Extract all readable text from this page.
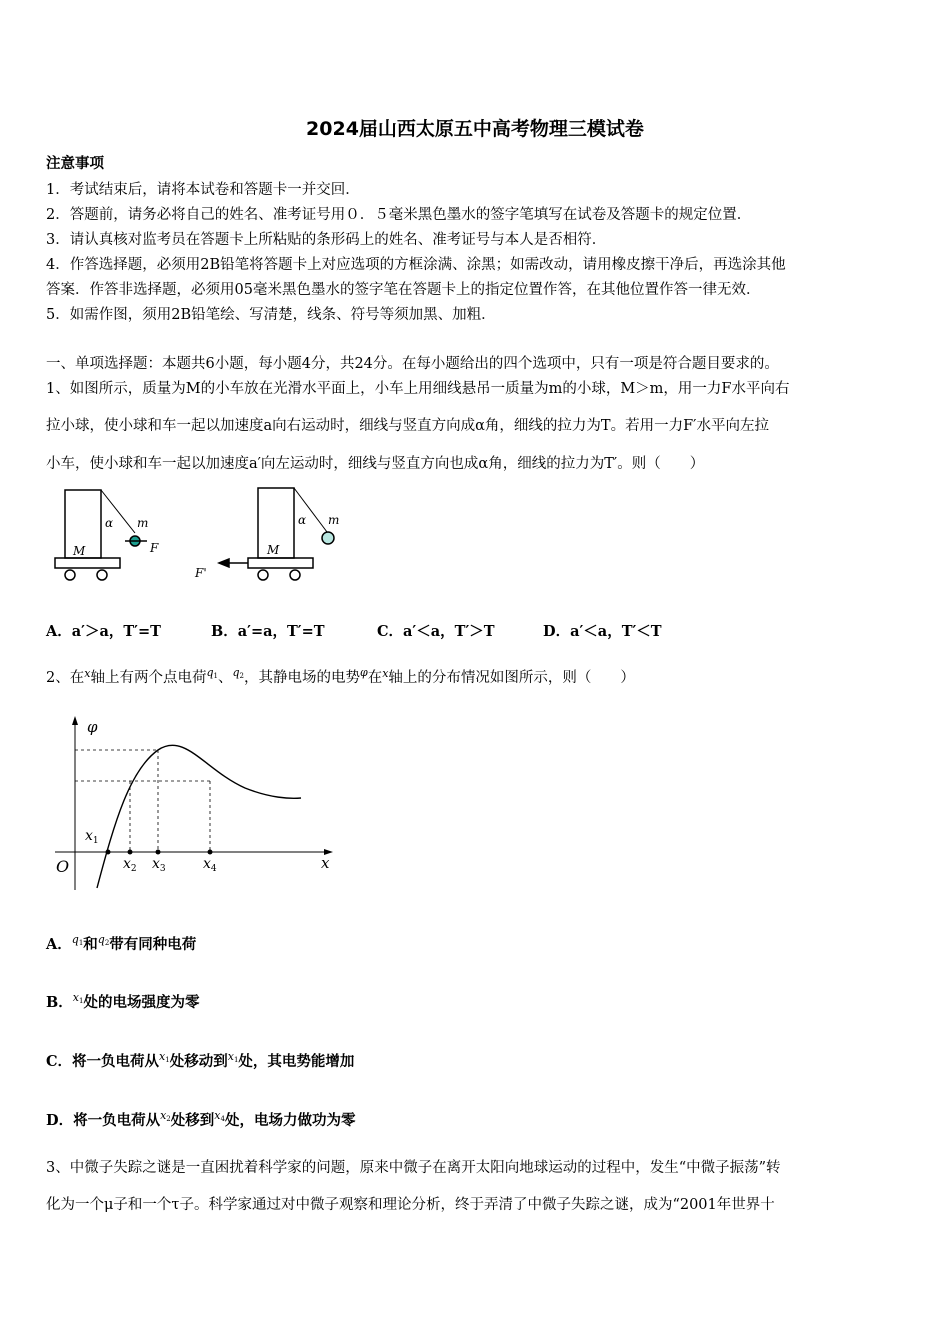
2024届山西太原五中高考物理三模试卷
注意事项
1．考试结束后，请将本试卷和答题卡一并交回．
2．答题前，请务必将自己的姓名、准考证号用０．５毫米黑色墨水的签字笔填写在试卷及答题卡的规定位置．
3．请认真核对监考员在答题卡上所粘贴的条形码上的姓名、准考证号与本人是否相符．
4．作答选择题，必须用2B铅笔将答题卡上对应选项的方框涂满、涂黑；如需改动，请用橡皮擦干净后，再选涂其他
答案．作答非选择题，必须用05毫米黑色墨水的签字笔在答题卡上的指定位置作答，在其他位置作答一律无效．
5．如需作图，须用2B铅笔绘、写清楚，线条、符号等须加黑、加粗．
一、单项选择题：本题共6小题，每小题4分，共24分。在每小题给出的四个选项中，只有一项是符合题目要求的。
1、如图所示，质量为M的小车放在光滑水平面上，小车上用细线悬吊一质量为m的小球，M＞m，用一力F水平向右
拉小球，使小球和车一起以加速度a向右运动时，细线与竖直方向成α角，细线的拉力为T。若用一力F′水平向左拉
小车，使小球和车一起以加速度a′向左运动时，细线与竖直方向也成α角，细线的拉力为T′。则（　　）
α m
M	F
α m
M
F'
A．a′＞a，T′=T	B．a′=a，T′=T	C．a′＜a，T′＞T	D．a′＜a，T′＜T
2、在$^x$轴上有两个点电荷$^{q1}$、$^{q2}$，其静电场的电势$^\varphi$在$^x$轴上的分布情况如图所示，则（　　）
φ
O	x
$x_1$
$x_2$ $x_3$	$x_4$
A．$^{q1}$和$^{q2}$带有同种电荷
B．$^{x1}$处的电场强度为零
C．将一负电荷从$^{x1}$处移动到$^{x1}$处，其电势能增加
D．将一负电荷从$^{x2}$处移到$^{x4}$处，电场力做功为零
3、中微子失踪之谜是一直困扰着科学家的问题，原来中微子在离开太阳向地球运动的过程中，发生“中微子振荡”转
化为一个μ子和一个τ子。科学家通过对中微子观察和理论分析，终于弄清了中微子失踪之谜，成为“2001年世界十
